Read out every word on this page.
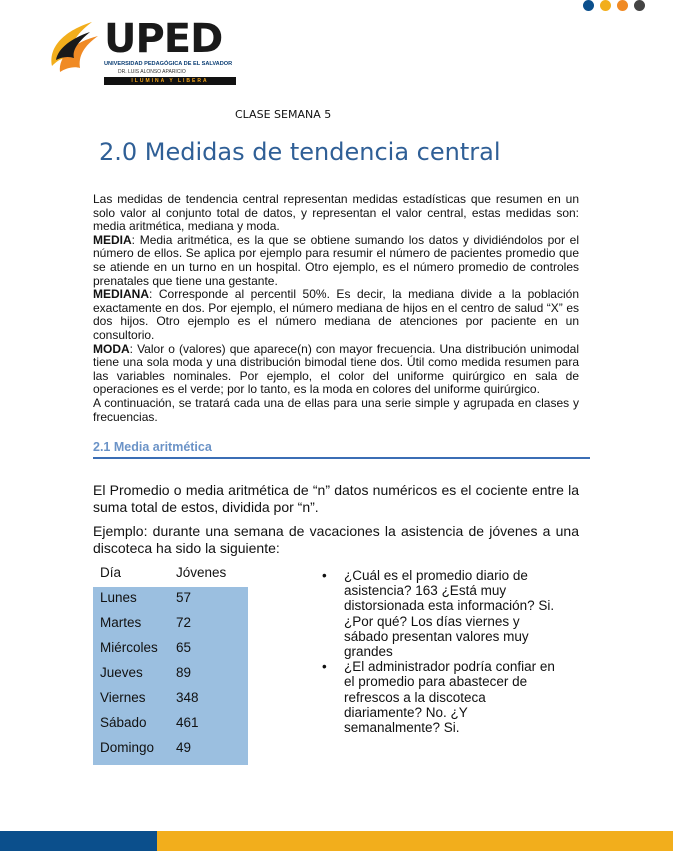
UPED
UNIVERSIDAD PEDAGÓGICA DE EL SALVADOR
DR. LUIS ALONSO APARICIO
ILUMINA Y LIBERA
CLASE SEMANA 5
2.0 Medidas de tendencia central

Las medidas de tendencia central representan medidas estadísticas que resumen en un solo valor al conjunto total de datos, y representan el valor central, estas medidas son: media aritmética, mediana y moda.

MEDIA: Media aritmética, es la que se obtiene sumando los datos y dividiéndolos por el número de ellos. Se aplica por ejemplo para resumir el número de pacientes promedio que se atiende en un turno en un hospital. Otro ejemplo, es el número promedio de controles prenatales que tiene una gestante.

MEDIANA: Corresponde al percentil 50%. Es decir, la mediana divide a la población exactamente en dos. Por ejemplo, el número mediana de hijos en el centro de salud “X” es dos hijos. Otro ejemplo es el número mediana de atenciones por paciente en un consultorio.

MODA: Valor o (valores) que aparece(n) con mayor frecuencia. Una distribución unimodal tiene una sola moda y una distribución bimodal tiene dos. Útil como medida resumen para las variables nominales. Por ejemplo, el color del uniforme quirúrgico en sala de operaciones es el verde; por lo tanto, es la moda en colores del uniforme quirúrgico.

A continuación, se tratará cada una de ellas para una serie simple y agrupada en clases y frecuencias.

2.1 Media aritmética

El Promedio o media aritmética de “n” datos numéricos es el cociente entre la suma total de estos, dividida por “n”.

Ejemplo: durante una semana de vacaciones la asistencia de jóvenes a una discoteca ha sido la siguiente:

Día	Jóvenes
Lunes	57
Martes	72
Miércoles 65
Jueves 89
Viernes 348
Sábado 461
Domingo 49
• ¿Cuál es el promedio diario de asistencia? 163 ¿Está muy distorsionada esta información? Si. ¿Por qué? Los días viernes y sábado presentan valores muy grandes
• ¿El administrador podría confiar en el promedio para abastecer de refrescos a la discoteca diariamente? No. ¿Y semanalmente? Si.
